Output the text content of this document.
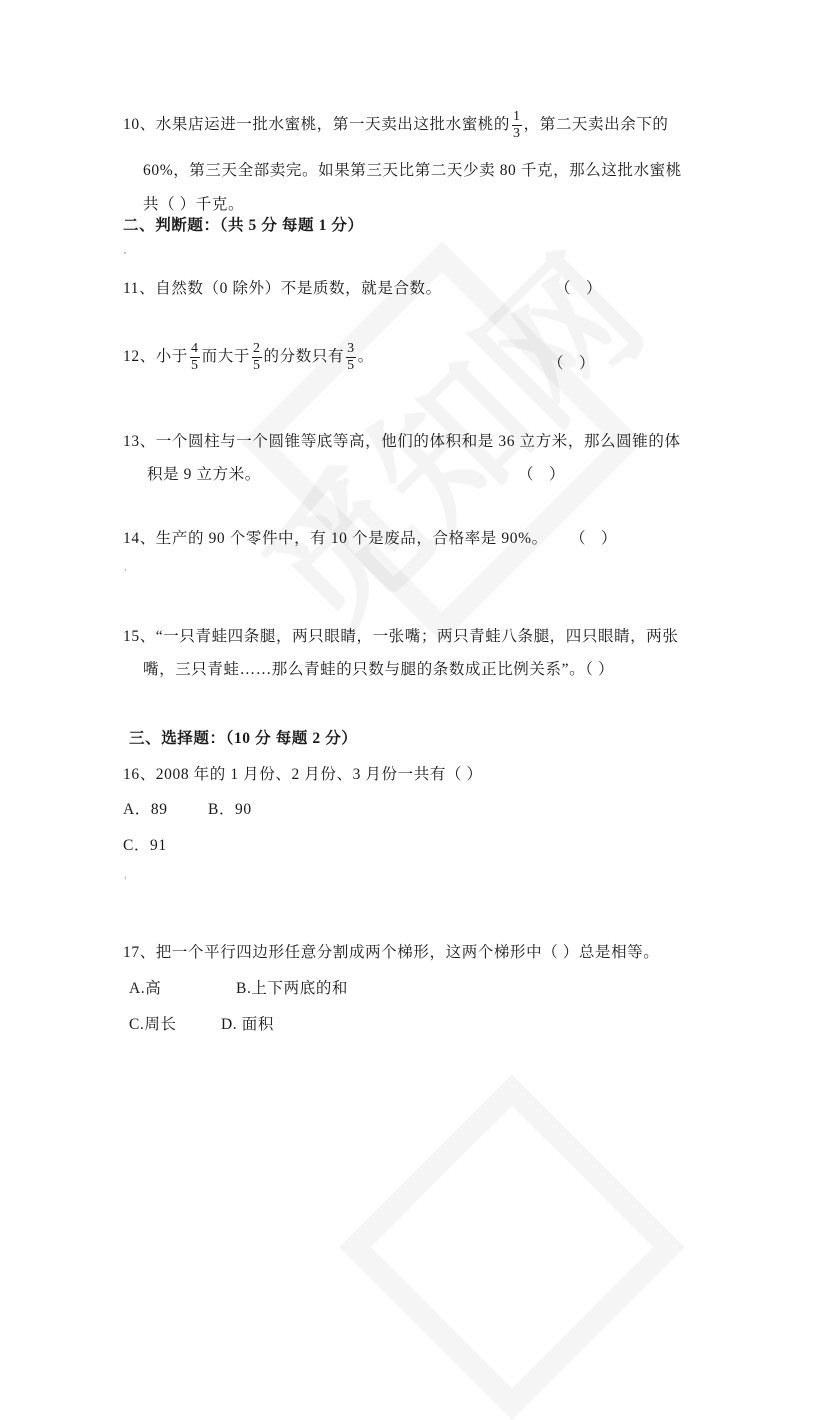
10、水果店运进一批水蜜桃，第一天卖出这批水蜜桃的 $\frac{1}{3}$ ，第二天卖出余下的
60%，第三天全部卖完。如果第三天比第二天少卖 80 千克，那么这批水蜜桃
共（ ）千克。
二、判断题：（共 5 分 每题 1 分）
,
11、自然数（0 除外）不是质数，就是合数。	（    ）
12、小于 $\frac{4}{5}$ 而大于 $\frac{2}{5}$ 的分数只有 $\frac{3}{5}$ 。	（    ）
13、一个圆柱与一个圆锥等底等高，他们的体积和是 36 立方米，那么圆锥的体
积是 9 立方米。	（    ）
14、生产的 90 个零件中，有 10 个是废品，合格率是 90%。 （    ）
›
15、“一只青蛙四条腿，两只眼睛，一张嘴；两只青蛙八条腿，四只眼睛，两张
嘴，三只青蛙……那么青蛙的只数与腿的条数成正比例关系”。（ ）
三、选择题：（10 分 每题 2 分）
16、2008 年的 1 月份、2 月份、3 月份一共有（ ）
A．89	B．90
C．91
‹
17、把一个平行四边形任意分割成两个梯形，这两个梯形中（ ）总是相等。
A.高	B.上下两底的和
C.周长	D. 面积
